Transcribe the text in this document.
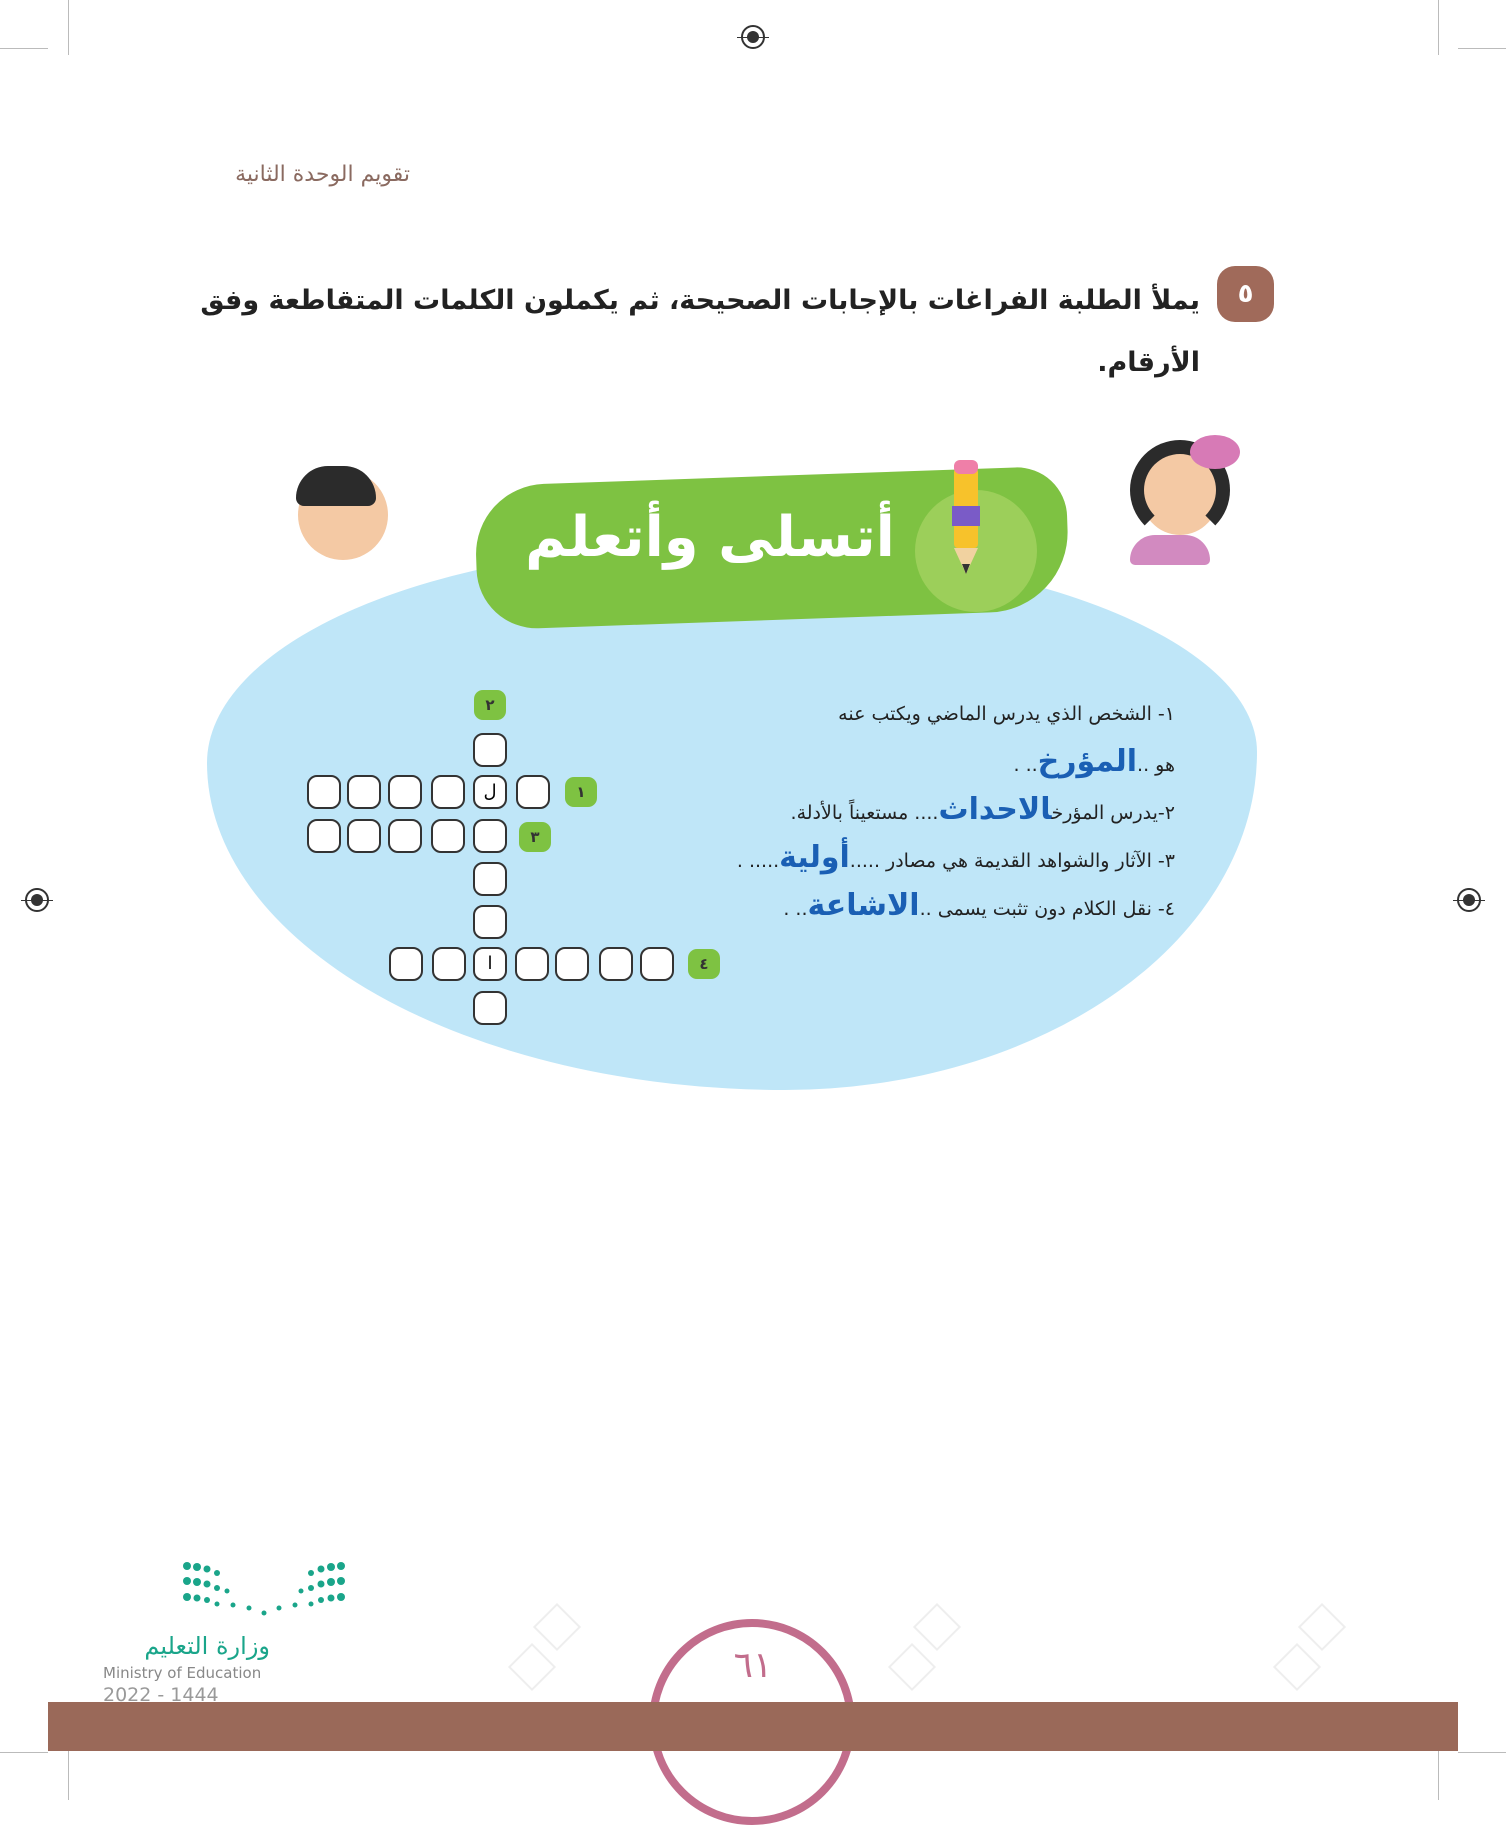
تقويم الوحدة الثانية
٥
يملأ الطلبة الفراغات بالإجابات الصحيحة، ثم يكملون الكلمات المتقاطعة وفق الأرقام.
أتسلى وأتعلم
١- الشخص الذي يدرس الماضي ويكتب عنه
هو ..المؤرخ.. .
٢-يدرس المؤرخالاحداث.... مستعيناً بالأدلة.
٣- الآثار والشواهد القديمة هي مصادر .....أولية..... .
٤- نقل الكلام دون تثبت يسمى ..الاشاعة.. .
ل
ا
١
٢
٣
٤
٦١
وزارة التعليم
Ministry of Education
2022 - 1444
